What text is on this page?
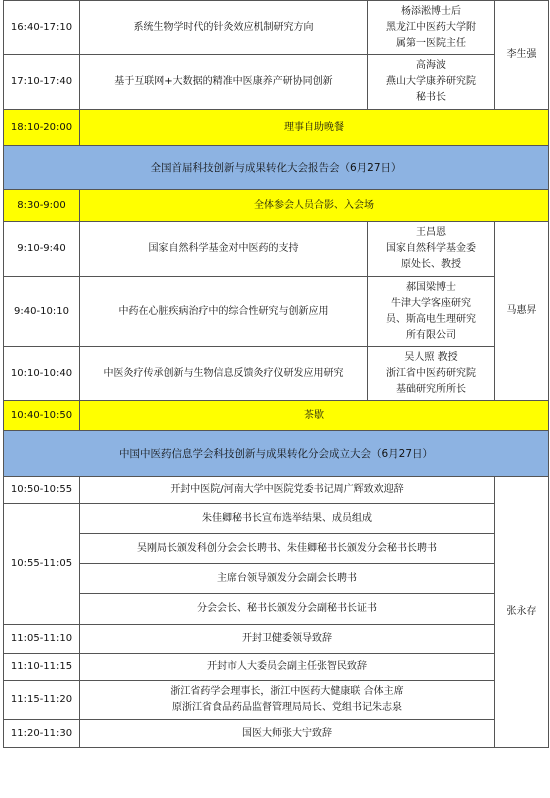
16:40-17:10	系统生物学时代的针灸效应机制研究方向	杨添淞博士后
黑龙江中医药大学附
属第一医院主任	李生强
17:10-17:40	基于互联网+大数据的精准中医康养产研协同创新	高海波
燕山大学康养研究院
秘书长	

18:10-20:00	理事自助晚餐		
全国首届科技创新与成果转化大会报告会（6月27日）			
8:30-9:00	全体参会人员合影、入会场		
9:10-9:40	国家自然科学基金对中医药的支持	王昌恩
国家自然科学基金委
原处长、教授	马惠昇
9:40-10:10	中药在心脏疾病治疗中的综合性研究与创新应用	郝国梁博士
牛津大学客座研究
员、斯高电生理研究
所有限公司	

10:10-10:40	中医灸疗传承创新与生物信息反馈灸疗仪研发应用研究	吴人照 教授
浙江省中医药研究院
基础研究所所长	

10:40-10:50	茶歇		
中国中医药信息学会科技创新与成果转化分会成立大会（6月27日）			
10:50-10:55	开封中医院/河南大学中医院党委书记周广辉致欢迎辞		张永存
10:55-11:05	朱佳卿秘书长宣布选举结果、成员组成		
	吴刚局长颁发科创分会会长聘书、朱佳卿秘书长颁发分会秘书长聘书		
	主席台领导颁发分会副会长聘书		
	分会会长、秘书长颁发分会副秘书长证书		
11:05-11:10	开封卫健委领导致辞		
11:10-11:15	开封市人大委员会副主任张智民致辞		
11:15-11:20	浙江省药学会理事长，浙江中医药大健康联 合体主席
原浙江省食品药品监督管理局局长、党组书记朱志泉		

11:20-11:30	国医大师张大宁致辞		
